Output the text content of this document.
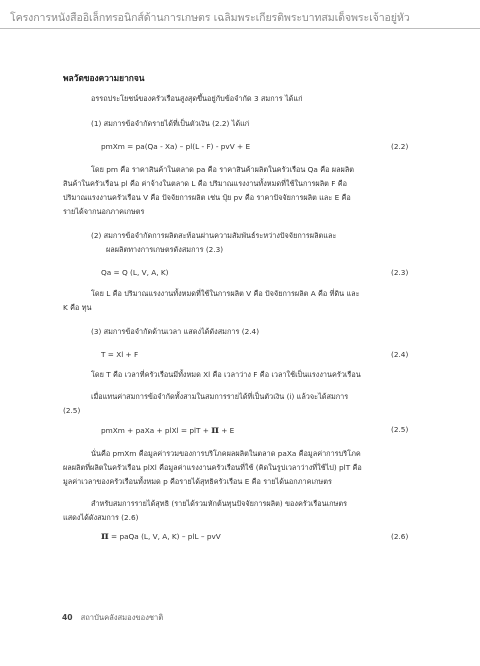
โครงการหนังสืออิเล็กทรอนิกส์ด้านการเกษตร เฉลิมพระเกียรติพระบาทสมเด็จพระเจ้าอยู่หัว
พลวัตของความยากจน
อรรถประโยชน์ของครัวเรือนสูงสุดขึ้นอยู่กับข้อจำกัด 3 สมการ ได้แก่
(1) สมการข้อจำกัดรายได้ที่เป็นตัวเงิน (2.2) ได้แก่
pmXm = pa(Qa - Xa) – pl(L - F) - pvV + E	(2.2)
โดย pm คือ ราคาสินค้าในตลาด pa คือ ราคาสินค้าผลิตในครัวเรือน Qa คือ ผลผลิต
สินค้าในครัวเรือน pl คือ ค่าจ้างในตลาด L คือ ปริมาณแรงงานทั้งหมดที่ใช้ในการผลิต F คือ
ปริมาณแรงงานครัวเรือน V คือ ปัจจัยการผลิต เช่น ปุ๋ย pv คือ ราคาปัจจัยการผลิต และ E คือ
รายได้จากนอกภาคเกษตร
(2) สมการข้อจำกัดการผลิตสะท้อนผ่านความสัมพันธ์ระหว่างปัจจัยการผลิตและ
ผลผลิตทางการเกษตรดังสมการ (2.3)
Qa = Q (L, V, A, K)	(2.3)
โดย L คือ ปริมาณแรงงานทั้งหมดที่ใช้ในการผลิต V คือ ปัจจัยการผลิต A คือ ที่ดิน และ
K คือ ทุน
(3) สมการข้อจำกัดด้านเวลา แสดงได้ดังสมการ (2.4)
T = Xl + F	(2.4)
โดย T คือ เวลาที่ครัวเรือนมีทั้งหมด Xl คือ เวลาว่าง F คือ เวลาใช้เป็นแรงงานครัวเรือน
เมื่อแทนค่าสมการข้อจำกัดทั้งสามในสมการรายได้ที่เป็นตัวเงิน (i) แล้วจะได้สมการ
(2.5)
pmXm + paXa + plXl = plT + π + E	(2.5)
นั่นคือ pmXm คือมูลค่ารวมของการบริโภคผลผลิตในตลาด paXa คือมูลค่าการบริโภค
ผลผลิตที่ผลิตในครัวเรือน plXl คือมูลค่าแรงงานครัวเรือนที่ใช้ (คิดในรูปเวลาว่างที่ใช้ไป) plT คือ
มูลค่าเวลาของครัวเรือนทั้งหมด p คือรายได้สุทธิครัวเรือน E คือ รายได้นอกภาคเกษตร
สำหรับสมการรายได้สุทธิ (รายได้รวมหักต้นทุนปัจจัยการผลิต) ของครัวเรือนเกษตร
แสดงได้ดังสมการ (2.6)
π = paQa (L, V, A, K) – plL – pvV	(2.6)
40 สถาบันคลังสมองของชาติ
